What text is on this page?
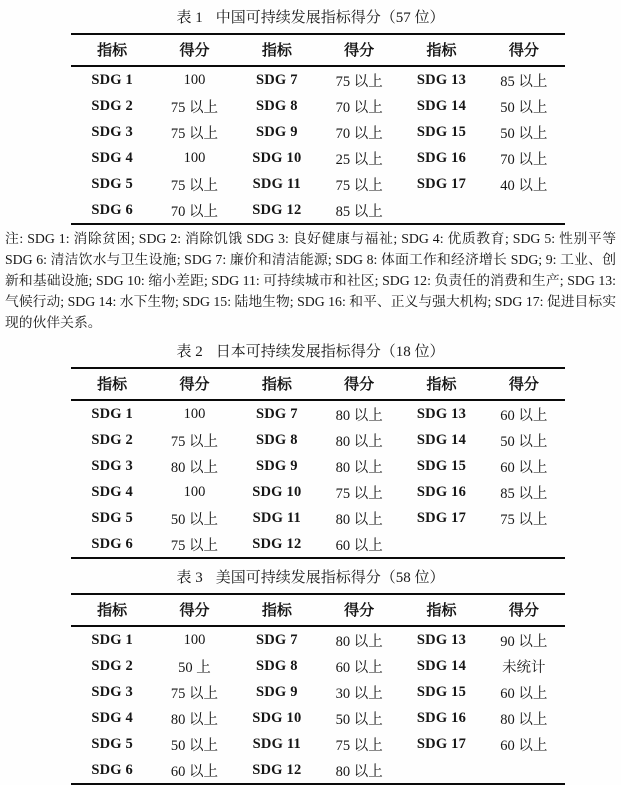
表 1 中国可持续发展指标得分（57 位）
指标	得分	指标	得分	指标	得分
SDG 1	100	SDG 7	75 以上	SDG 13	85 以上
SDG 2	75 以上	SDG 8	70 以上	SDG 14	50 以上
SDG 3	75 以上	SDG 9	70 以上	SDG 15	50 以上
SDG 4	100	SDG 10	25 以上	SDG 16	70 以上
SDG 5	75 以上	SDG 11	75 以上	SDG 17	40 以上
SDG 6	70 以上	SDG 12	85 以上		

注: SDG 1: 消除贫困; SDG 2: 消除饥饿 SDG 3: 良好健康与福祉; SDG 4: 优质教育; SDG 5: 性别平等 SDG 6: 清洁饮水与卫生设施; SDG 7: 廉价和清洁能源; SDG 8: 体面工作和经济增长 SDG; 9: 工业、创新和基础设施; SDG 10: 缩小差距; SDG 11: 可持续城市和社区; SDG 12: 负责任的消费和生产; SDG 13: 气候行动; SDG 14: 水下生物; SDG 15: 陆地生物; SDG 16: 和平、正义与强大机构; SDG 17: 促进目标实现的伙伴关系。

表 2 日本可持续发展指标得分（18 位）
指标	得分	指标	得分	指标	得分
SDG 1	100	SDG 7	80 以上	SDG 13	60 以上
SDG 2	75 以上	SDG 8	80 以上	SDG 14	50 以上
SDG 3	80 以上	SDG 9	80 以上	SDG 15	60 以上
SDG 4	100	SDG 10	75 以上	SDG 16	85 以上
SDG 5	50 以上	SDG 11	80 以上	SDG 17	75 以上
SDG 6	75 以上	SDG 12	60 以上		
表 3 美国可持续发展指标得分（58 位）
指标	得分	指标	得分	指标	得分
SDG 1	100	SDG 7	80 以上	SDG 13	90 以上
SDG 2	50 上	SDG 8	60 以上	SDG 14	未统计
SDG 3	75 以上	SDG 9	30 以上	SDG 15	60 以上
SDG 4	80 以上	SDG 10	50 以上	SDG 16	80 以上
SDG 5	50 以上	SDG 11	75 以上	SDG 17	60 以上
SDG 6	60 以上	SDG 12	80 以上		
